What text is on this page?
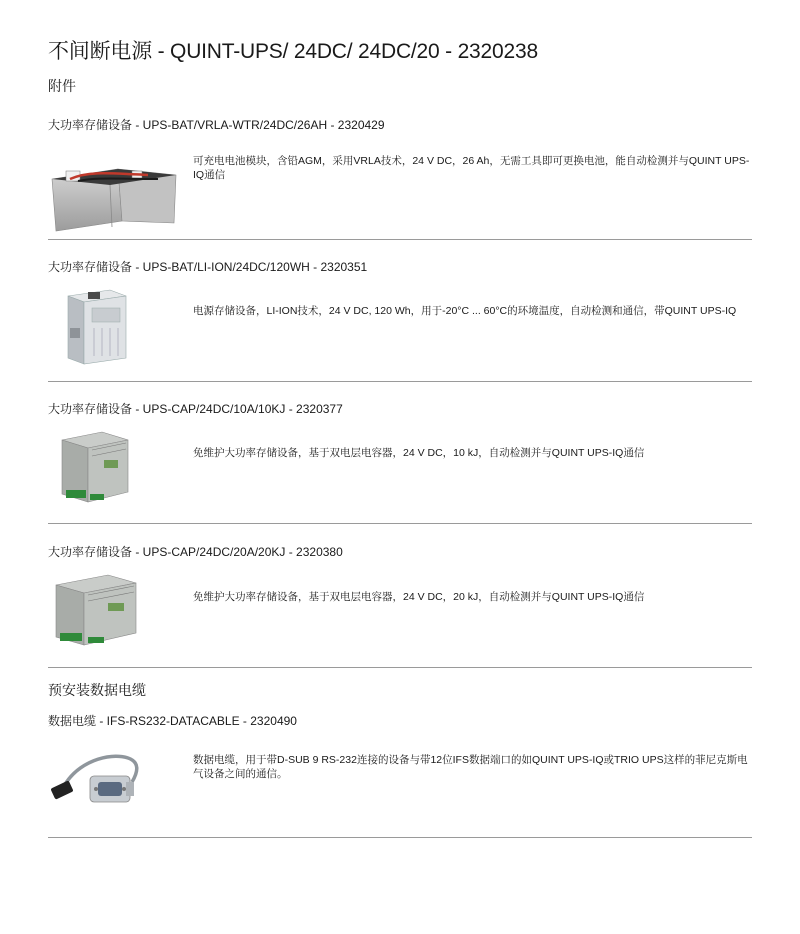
不间断电源 - QUINT-UPS/ 24DC/ 24DC/20 - 2320238
附件
大功率存储设备 - UPS-BAT/VRLA-WTR/24DC/26AH - 2320429
可充电电池模块，含铅AGM，采用VRLA技术，24 V DC，26 Ah，无需工具即可更换电池，能自动检测并与QUINT UPS-IQ通信
大功率存储设备 - UPS-BAT/LI-ION/24DC/120WH - 2320351
电源存储设备，LI-ION技术，24 V DC, 120 Wh，用于-20°C ... 60°C的环境温度，自动检测和通信，带QUINT UPS-IQ
大功率存储设备 - UPS-CAP/24DC/10A/10KJ - 2320377
免维护大功率存储设备，基于双电层电容器，24 V DC，10 kJ，自动检测并与QUINT UPS-IQ通信
大功率存储设备 - UPS-CAP/24DC/20A/20KJ - 2320380
免维护大功率存储设备，基于双电层电容器，24 V DC，20 kJ，自动检测并与QUINT UPS-IQ通信
预安装数据电缆
数据电缆 - IFS-RS232-DATACABLE - 2320490
数据电缆，用于带D-SUB 9 RS-232连接的设备与带12位IFS数据端口的如QUINT UPS-IQ或TRIO UPS这样的菲尼克斯电气设备之间的通信。
